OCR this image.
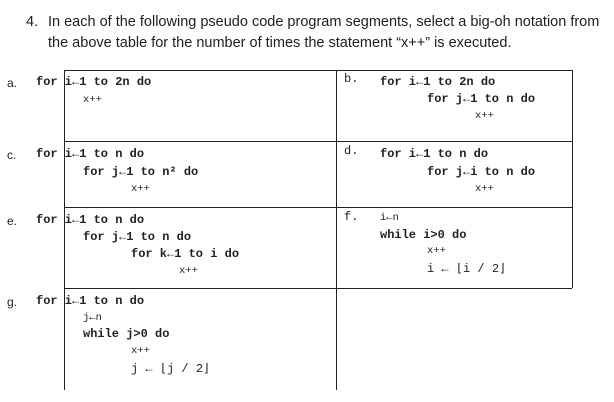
4. In each of the following pseudo code program segments, select a big-oh notation from the above table for the number of times the statement “x++” is executed.
a. for i←1 to 2n do
x++
b. for i←1 to 2n do
for j←1 to n do
x++
c. for i←1 to n do
for j←1 to n² do
x++
d. for i←1 to n do
for j←i to n do
x++
e. for i←1 to n do
for j←1 to n do
for k←1 to i do
x++
f. i←n
while i>0 do
x++
i ← ⌊i / 2⌋
g. for i←1 to n do
j←n
while j>0 do
x++
j ← ⌊j / 2⌋
